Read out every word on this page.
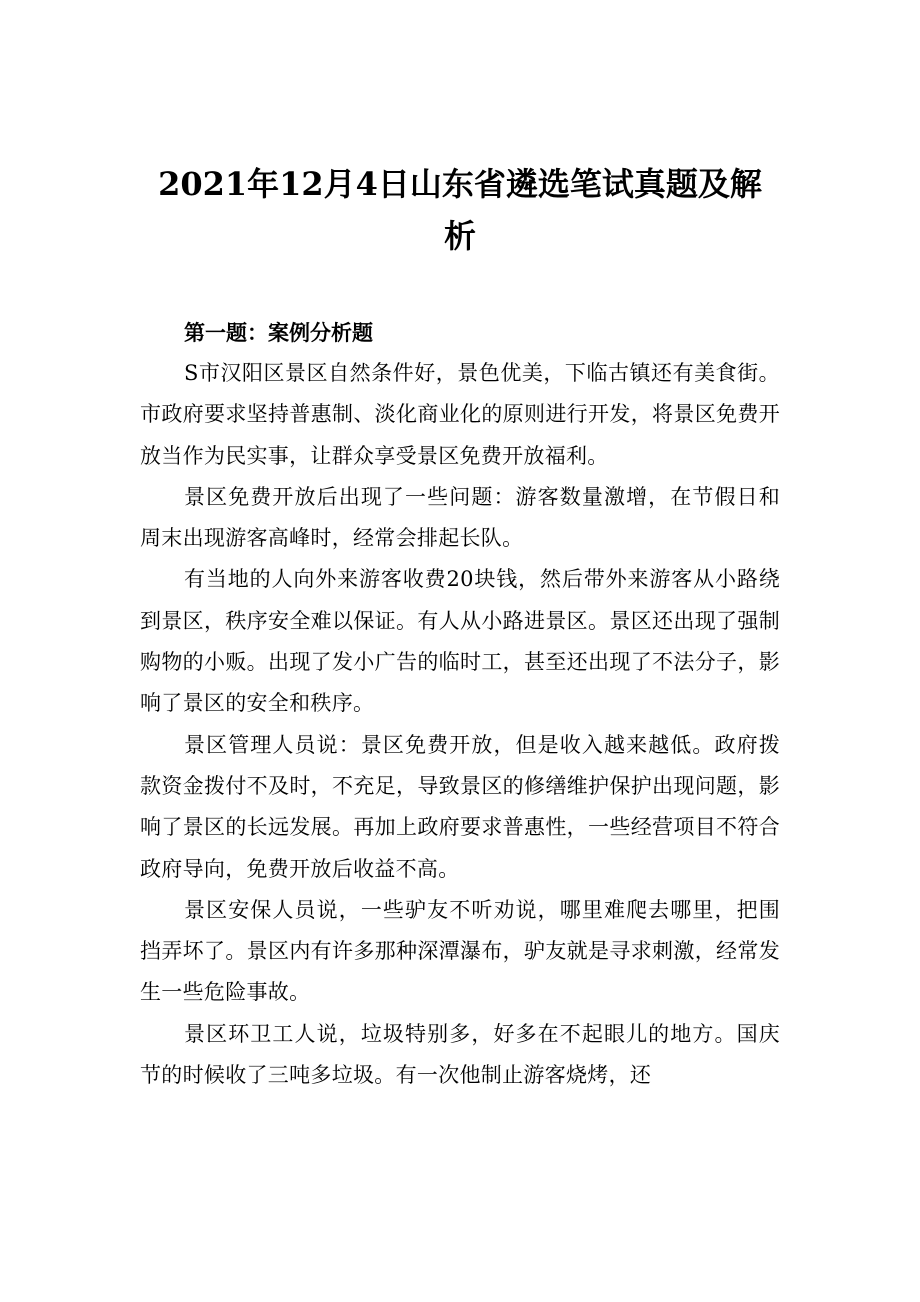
2021年12月4日山东省遴选笔试真题及解
析

第一题：案例分析题

S市汉阳区景区自然条件好，景色优美，下临古镇还有美食街。市政府要求坚持普惠制、淡化商业化的原则进行开发，将景区免费开放当作为民实事，让群众享受景区免费开放福利。

景区免费开放后出现了一些问题：游客数量激增，在节假日和周末出现游客高峰时，经常会排起长队。

有当地的人向外来游客收费20块钱，然后带外来游客从小路绕到景区，秩序安全难以保证。有人从小路进景区。景区还出现了强制购物的小贩。出现了发小广告的临时工，甚至还出现了不法分子，影响了景区的安全和秩序。

景区管理人员说：景区免费开放，但是收入越来越低。政府拨款资金拨付不及时，不充足，导致景区的修缮维护保护出现问题，影响了景区的长远发展。再加上政府要求普惠性，一些经营项目不符合政府导向，免费开放后收益不高。

景区安保人员说，一些驴友不听劝说，哪里难爬去哪里，把围挡弄坏了。景区内有许多那种深潭瀑布，驴友就是寻求刺激，经常发生一些危险事故。

景区环卫工人说，垃圾特别多，好多在不起眼儿的地方。国庆节的时候收了三吨多垃圾。有一次他制止游客烧烤，还
